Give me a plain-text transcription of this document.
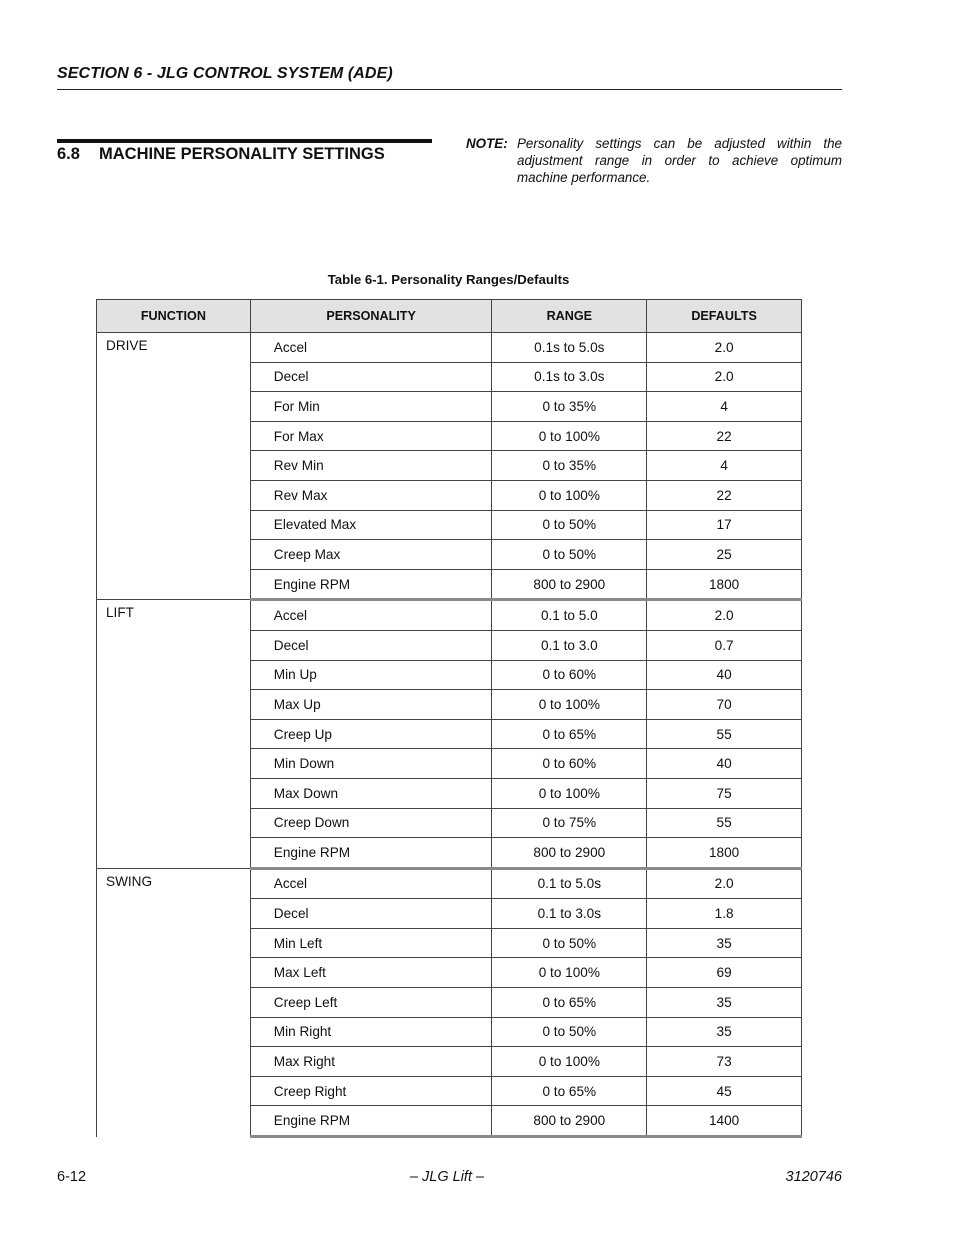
SECTION 6 - JLG CONTROL SYSTEM (ADE)
6.8 MACHINE PERSONALITY SETTINGS
NOTE: Personality settings can be adjusted within the adjustment range in order to achieve optimum machine performance.
Table 6-1. Personality Ranges/Defaults
FUNCTION	PERSONALITY	RANGE	DEFAULTS
DRIVE	Accel	0.1s to 5.0s	2.0
	Decel	0.1s to 3.0s	2.0
	For Min	0 to 35%	4
	For Max	0 to 100%	22
	Rev Min	0 to 35%	4
	Rev Max	0 to 100%	22
	Elevated Max	0 to 50%	17
	Creep Max	0 to 50%	25
	Engine RPM	800 to 2900	1800
LIFT	Accel	0.1 to 5.0	2.0
	Decel	0.1 to 3.0	0.7
	Min Up	0 to 60%	40
	Max Up	0 to 100%	70
	Creep Up	0 to 65%	55
	Min Down	0 to 60%	40
	Max Down	0 to 100%	75
	Creep Down	0 to 75%	55
	Engine RPM	800 to 2900	1800
SWING	Accel	0.1 to 5.0s	2.0
	Decel	0.1 to 3.0s	1.8
	Min Left	0 to 50%	35
	Max Left	0 to 100%	69
	Creep Left	0 to 65%	35
	Min Right	0 to 50%	35
	Max Right	0 to 100%	73
	Creep Right	0 to 65%	45
	Engine RPM	800 to 2900	1400
6-12	– JLG Lift –	3120746
